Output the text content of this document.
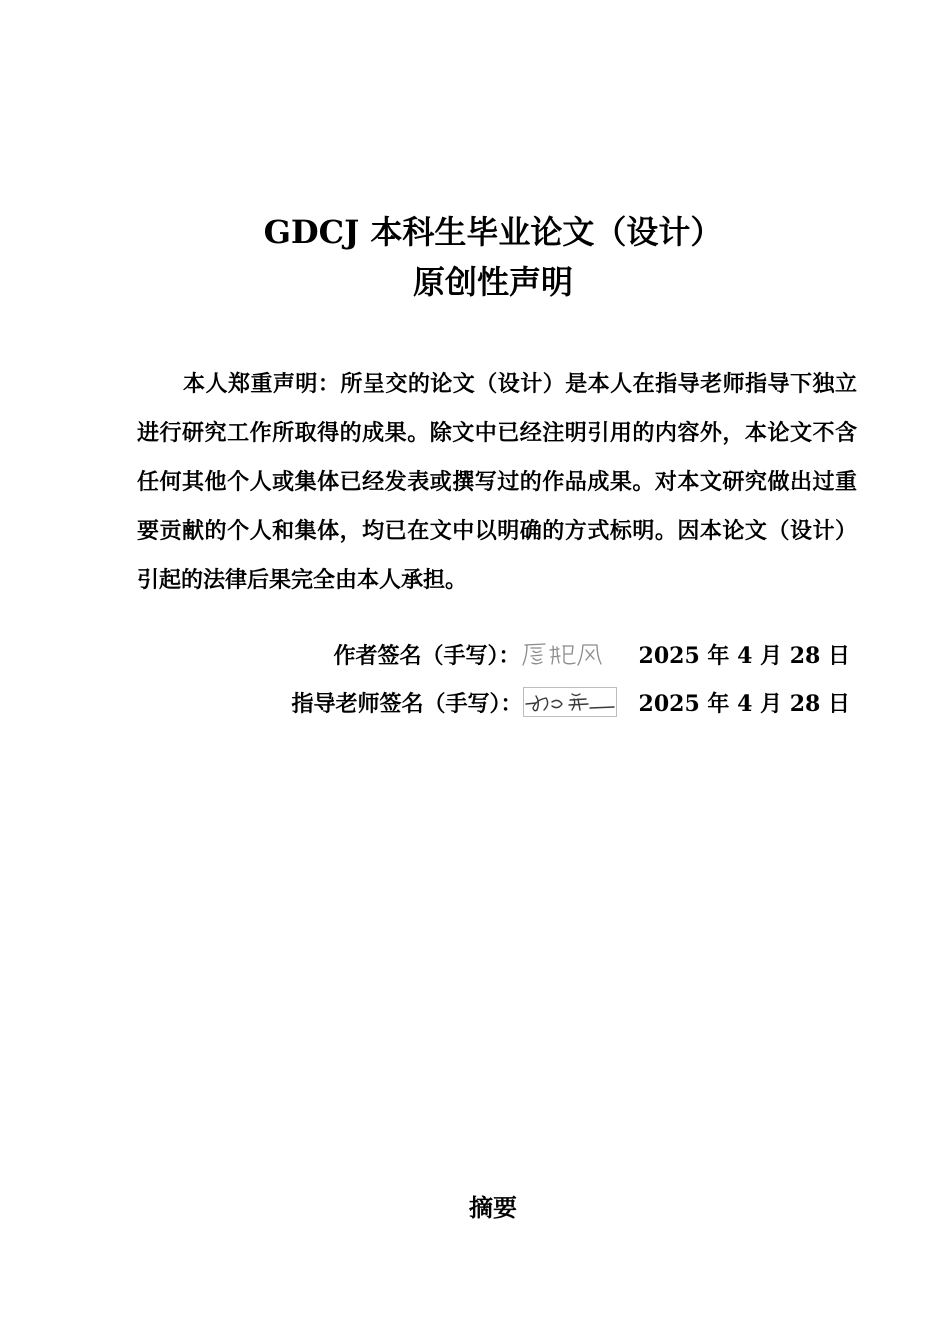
GDCJ 本科生毕业论文（设计）
原创性声明

本人郑重声明：所呈交的论文（设计）是本人在指导老师指导下独立进行研究工作所取得的成果。除文中已经注明引用的内容外，本论文不含任何其他个人或集体已经发表或撰写过的作品成果。对本文研究做出过重要贡献的个人和集体，均已在文中以明确的方式标明。因本论文（设计）引起的法律后果完全由本人承担。

作者签名（手写）：	2025 年 4 月 28 日
指导老师签名（手写）：	2025 年 4 月 28 日
摘要
